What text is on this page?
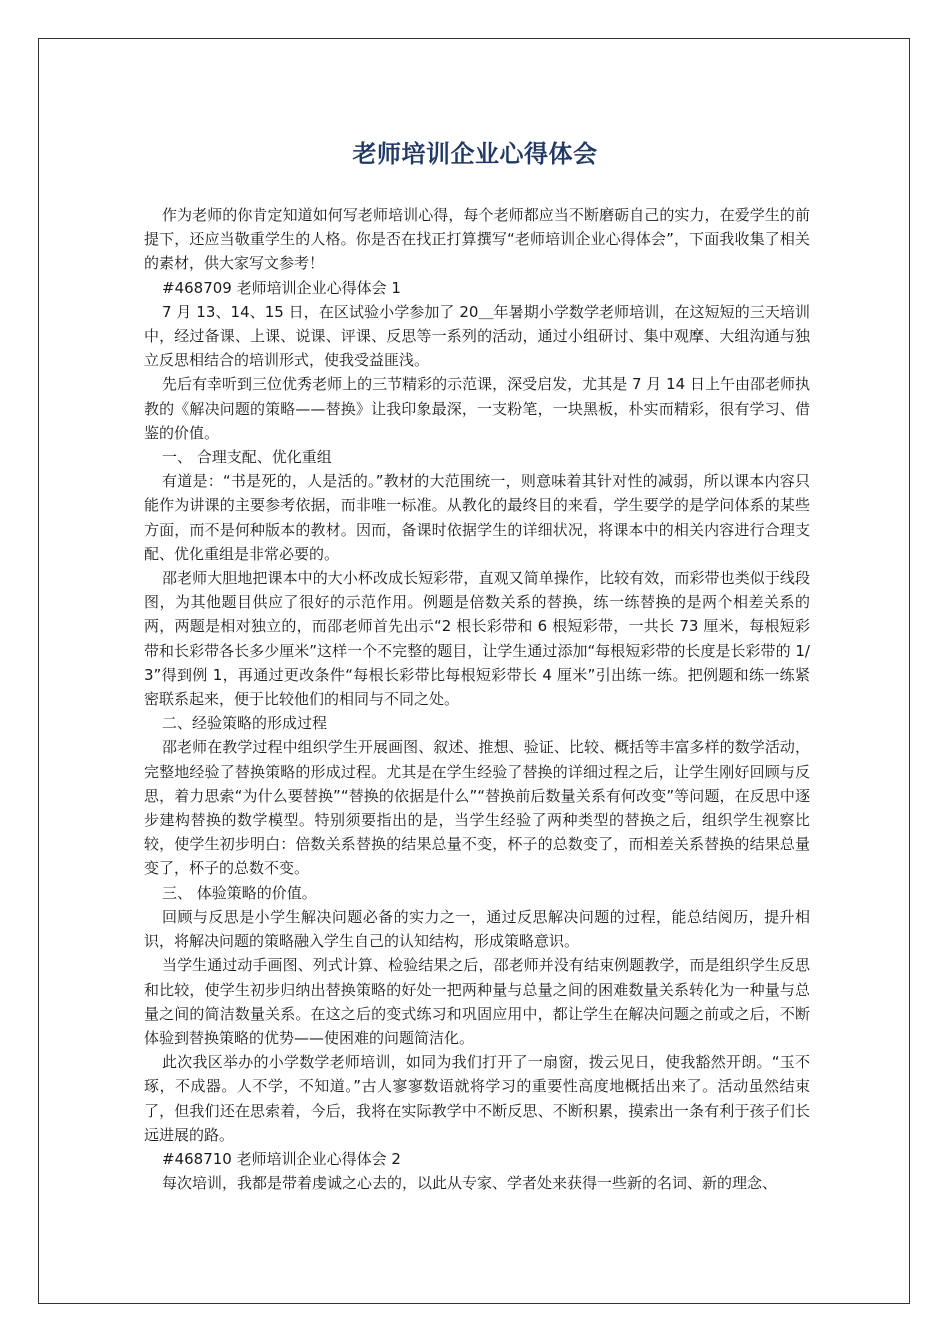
老师培训企业心得体会

作为老师的你肯定知道如何写老师培训心得，每个老师都应当不断磨砺自己的实力，在爱学生的前提下，还应当敬重学生的人格。你是否在找正打算撰写“老师培训企业心得体会”，下面我收集了相关的素材，供大家写文参考！

#468709 老师培训企业心得体会 1

7 月 13、14、15 日，在区试验小学参加了 20＿年暑期小学数学老师培训，在这短短的三天培训中，经过备课、上课、说课、评课、反思等一系列的活动，通过小组研讨、集中观摩、大组沟通与独立反思相结合的培训形式，使我受益匪浅。

先后有幸听到三位优秀老师上的三节精彩的示范课，深受启发，尤其是 7 月 14 日上午由邵老师执教的《解决问题的策略——替换》让我印象最深，一支粉笔，一块黑板，朴实而精彩，很有学习、借鉴的价值。

一、 合理支配、优化重组

有道是：“书是死的，人是活的。”教材的大范围统一，则意味着其针对性的减弱，所以课本内容只能作为讲课的主要参考依据，而非唯一标准。从教化的最终目的来看，学生要学的是学问体系的某些方面，而不是何种版本的教材。因而，备课时依据学生的详细状况，将课本中的相关内容进行合理支配、优化重组是非常必要的。

邵老师大胆地把课本中的大小杯改成长短彩带，直观又简单操作，比较有效，而彩带也类似于线段图，为其他题目供应了很好的示范作用。例题是倍数关系的替换，练一练替换的是两个相差关系的两，两题是相对独立的，而邵老师首先出示“2 根长彩带和 6 根短彩带，一共长 73 厘米，每根短彩带和长彩带各长多少厘米”这样一个不完整的题目，让学生通过添加“每根短彩带的长度是长彩带的 1/3”得到例 1，再通过更改条件“每根长彩带比每根短彩带长 4 厘米”引出练一练。把例题和练一练紧密联系起来，便于比较他们的相同与不同之处。

二、经验策略的形成过程

邵老师在教学过程中组织学生开展画图、叙述、推想、验证、比较、概括等丰富多样的数学活动，完整地经验了替换策略的形成过程。尤其是在学生经验了替换的详细过程之后，让学生刚好回顾与反思，着力思索“为什么要替换”“替换的依据是什么”“替换前后数量关系有何改变”等问题，在反思中逐步建构替换的数学模型。特别须要指出的是，当学生经验了两种类型的替换之后，组织学生视察比较，使学生初步明白：倍数关系替换的结果总量不变，杯子的总数变了，而相差关系替换的结果总量变了，杯子的总数不变。

三、 体验策略的价值。

回顾与反思是小学生解决问题必备的实力之一，通过反思解决问题的过程，能总结阅历，提升相识，将解决问题的策略融入学生自己的认知结构，形成策略意识。

当学生通过动手画图、列式计算、检验结果之后，邵老师并没有结束例题教学，而是组织学生反思和比较，使学生初步归纳出替换策略的好处一把两种量与总量之间的困难数量关系转化为一种量与总量之间的简洁数量关系。在这之后的变式练习和巩固应用中，都让学生在解决问题之前或之后，不断体验到替换策略的优势——使困难的问题简洁化。

此次我区举办的小学数学老师培训，如同为我们打开了一扇窗，拨云见日，使我豁然开朗。“玉不琢，不成器。人不学，不知道。”古人寥寥数语就将学习的重要性高度地概括出来了。活动虽然结束了，但我们还在思索着，今后，我将在实际教学中不断反思、不断积累，摸索出一条有利于孩子们长远进展的路。

#468710 老师培训企业心得体会 2

每次培训，我都是带着虔诚之心去的，以此从专家、学者处来获得一些新的名词、新的理念、
